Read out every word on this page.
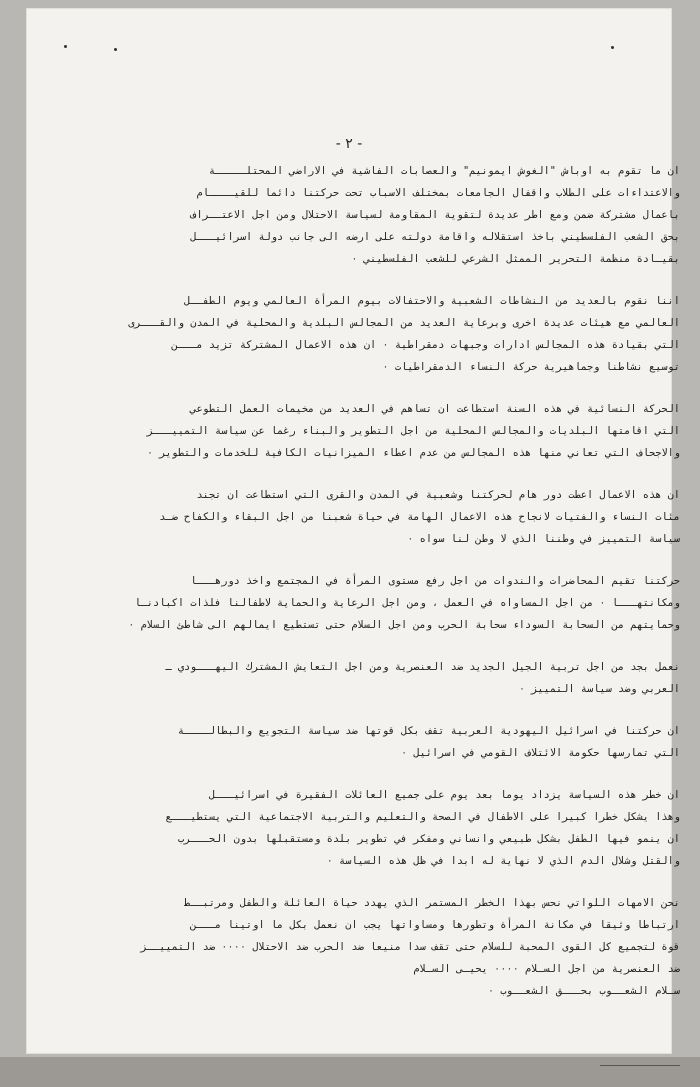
- ٢ -

ان ما تقوم به اوباش "الغوش ايمونيم" والعصابات الفاشية في الاراضي المحتلـــــة
والاعتداءات على الطلاب واقفال الجامعات بمختلف الاسباب تحت حركتنا دائما للقيــــام
باعمال مشتركة ضمن ومع اطر عديدة لتقوية المقاومة لسياسة الاحتلال ومن اجل الاعتــراف
بحق الشعب الفلسطيني باخذ استقلاله واقامة دولته على ارضه الى جانب دولة اسرائيـــل
بقيـادة منظمة التحرير الممثل الشرعي للشعب الفلسطيني ٠

اننا نقوم بالعديد من النشاطات الشعبية والاحتفالات بيوم المرأة العالمي ويوم الطفــل
العالمي مع هيئات عديدة اخرى وبرعاية العديد من المجالس البلدية والمحلية في المدن والقـــرى
التي بقيادة هذه المجالس ادارات وجبهات دمقراطية ٠ ان هذه الاعمال المشتركة تزيد مـــن
توسيع نشاطنا وجماهيرية حركة النساء الدمقراطيات ٠

الحركة النسائية في هذه السنة استطاعت ان تساهم في العديد من مخيمات العمل التطوعي
التي اقامتها البلديات والمجالس المحلية من اجل التطوير والبناء رغما عن سياسة التمييـــز
والاجحاف التي تعاني منها هذه المجالس من عدم اعطاء الميزانيات الكافية للخدمات والتطوير ٠

ان هذه الاعمال اعطت دور هام لحركتنا وشعبية في المدن والقرى التي استطاعت ان تجند
مئات النساء والفتيات لانجاح هذه الاعمال الهامة في حياة شعبنا من اجل البقاء والكفاح ضـد
سياسة التمييز في وطننا الذي لا وطن لنا سواه ٠

حركتنا تقيم المحاضرات والندوات من اجل رفع مستوى المرأة في المجتمع واخذ دورهـــا
ومكانتهـــا ٠ من اجل المساواه في العمل ، ومن اجل الرعاية والحماية لاطفالنا فلذات اكبادنـا
وحمايتهم من السحابة السوداء سحابة الحرب ومن اجل السلام حتى تستطيع ايمالهم الى شاطئ السلام ٠

نعمل بجد من اجل تربية الجيل الجديد ضد العنصرية ومن اجل التعايش المشترك اليهـــودي ـ
العربي وضد سياسة التمييز ٠

ان حركتنا في اسرائيل اليهودية العربية تقف بكل قوتها ضد سياسة التجويع والبطالــــة
التي تمارسها حكومة الائتلاف القومي في اسرائيل ٠

ان خطر هذه السياسة يزداد يوما بعد يوم على جميع العائلات الفقيرة في اسرائيـــل
وهذا يشكل خطرا كبيرا على الاطفال في الصحة والتعليم والتربية الاجتماعية التي يستطيـــع
ان ينمو فيها الطفل بشكل طبيعي وانساني ومفكر في تطوير بلدة ومستقبلها بدون الحـــرب
والقتل وشلال الدم الذي لا نهاية له ابدا في ظل هذه السياسة ٠

نحن الامهات اللواتي نحس بهذا الخطر المستمر الذي يهدد حياة العائلة والطفل ومرتبــط
ارتباطا وثيقا في مكانة المرأة وتطورها ومساواتها يجب ان نعمل بكل ما اوتينا مـــن
قوة لتجميع كل القوى المحبة للسلام حتى تقف سدا منيعا ضد الحرب ضد الاحتلال ٠٠٠٠ ضد التمييــز
ضد العنصرية من اجل السـلام ٠٠٠٠ يحيـى السـلام
سـلام الشعــوب بحـــق الشعــوب ٠
